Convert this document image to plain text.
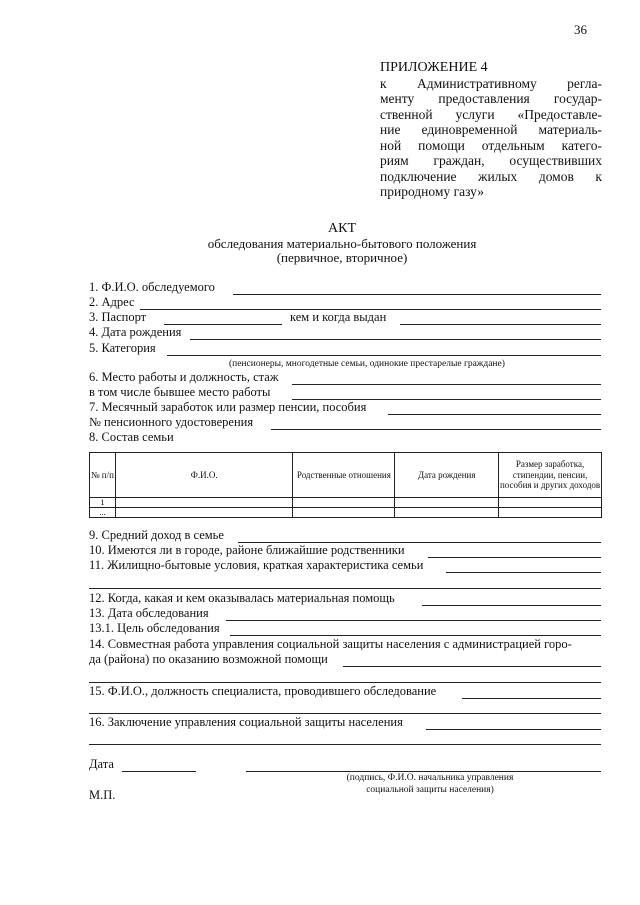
36
ПРИЛОЖЕНИЕ 4
к Административному регла-
менту предоставления государ-
ственной услуги «Предоставле-
ние единовременной материаль-
ной помощи отдельным катего-
риям граждан, осуществивших
подключение жилых домов к
природному газу»
АКТ
обследования материально-бытового положения
(первичное, вторичное)
1. Ф.И.О. обследуемого
2. Адрес
3. Паспорт	кем и когда выдан
4. Дата рождения
5. Категория
(пенсионеры, многодетные семьи, одинокие престарелые граждане)
6. Место работы и должность, стаж
в том числе бывшее место работы
7. Месячный заработок или размер пенсии, пособия
№ пенсионного удостоверения
8. Состав семьи
№ п/п	Ф.И.О.	Родственные отношения	Дата рождения	Размер заработка, стипендии, пенсии, пособия и других доходов
1				
...				
9. Средний доход в семье
10. Имеются ли в городе, районе ближайшие родственники
11. Жилищно-бытовые условия, краткая характеристика семьи
12. Когда, какая и кем оказывалась материальная помощь
13. Дата обследования
13.1. Цель обследования
14. Совместная работа управления социальной защиты населения с администрацией горо-
да (района) по оказанию возможной помощи
15. Ф.И.О., должность специалиста, проводившего обследование
16. Заключение управления социальной защиты населения
Дата
(подпись, Ф.И.О. начальника управления
социальной защиты населения)
М.П.
